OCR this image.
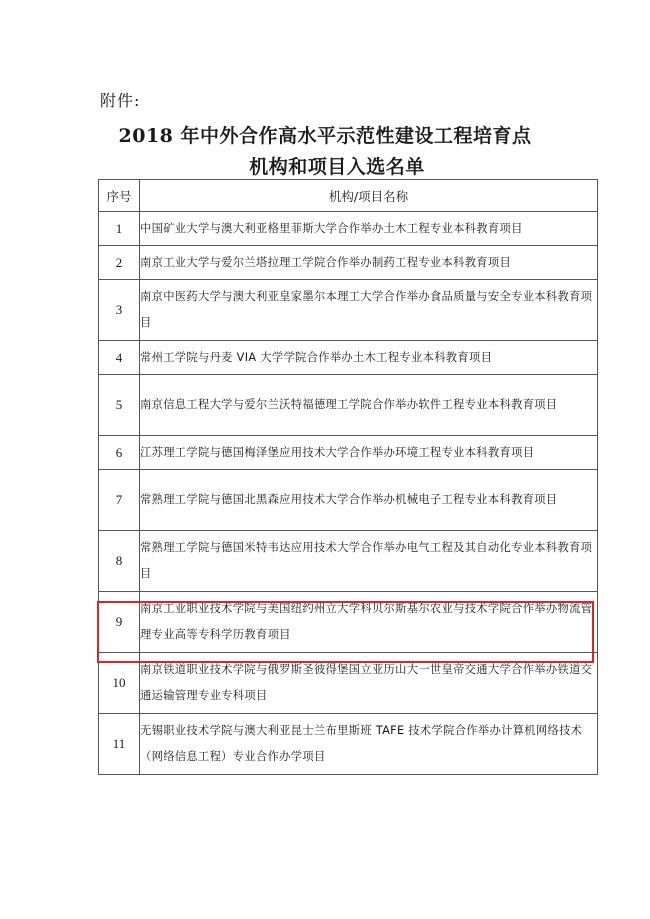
附件:
2018 年中外合作高水平示范性建设工程培育点
机构和项目入选名单
序号	机构/项目名称
1	中国矿业大学与澳大利亚格里菲斯大学合作举办土木工程专业本科教育项目
2	南京工业大学与爱尔兰塔拉理工学院合作举办制药工程专业本科教育项目
3	南京中医药大学与澳大利亚皇家墨尔本理工大学合作举办食品质量与安全专业本科教育项目
4	常州工学院与丹麦 VIA 大学学院合作举办土木工程专业本科教育项目
5	南京信息工程大学与爱尔兰沃特福德理工学院合作举办软件工程专业本科教育项目
6	江苏理工学院与德国梅泽堡应用技术大学合作举办环境工程专业本科教育项目
7	常熟理工学院与德国北黑森应用技术大学合作举办机械电子工程专业本科教育项目
8	常熟理工学院与德国米特韦达应用技术大学合作举办电气工程及其自动化专业本科教育项目
9	南京工业职业技术学院与美国纽约州立大学科贝尔斯基尔农业与技术学院合作举办物流管理专业高等专科学历教育项目
10	南京铁道职业技术学院与俄罗斯圣彼得堡国立亚历山大一世皇帝交通大学合作举办铁道交通运输管理专业专科项目
11	无锡职业技术学院与澳大利亚昆士兰布里斯班 TAFE 技术学院合作举办计算机网络技术（网络信息工程）专业合作办学项目
